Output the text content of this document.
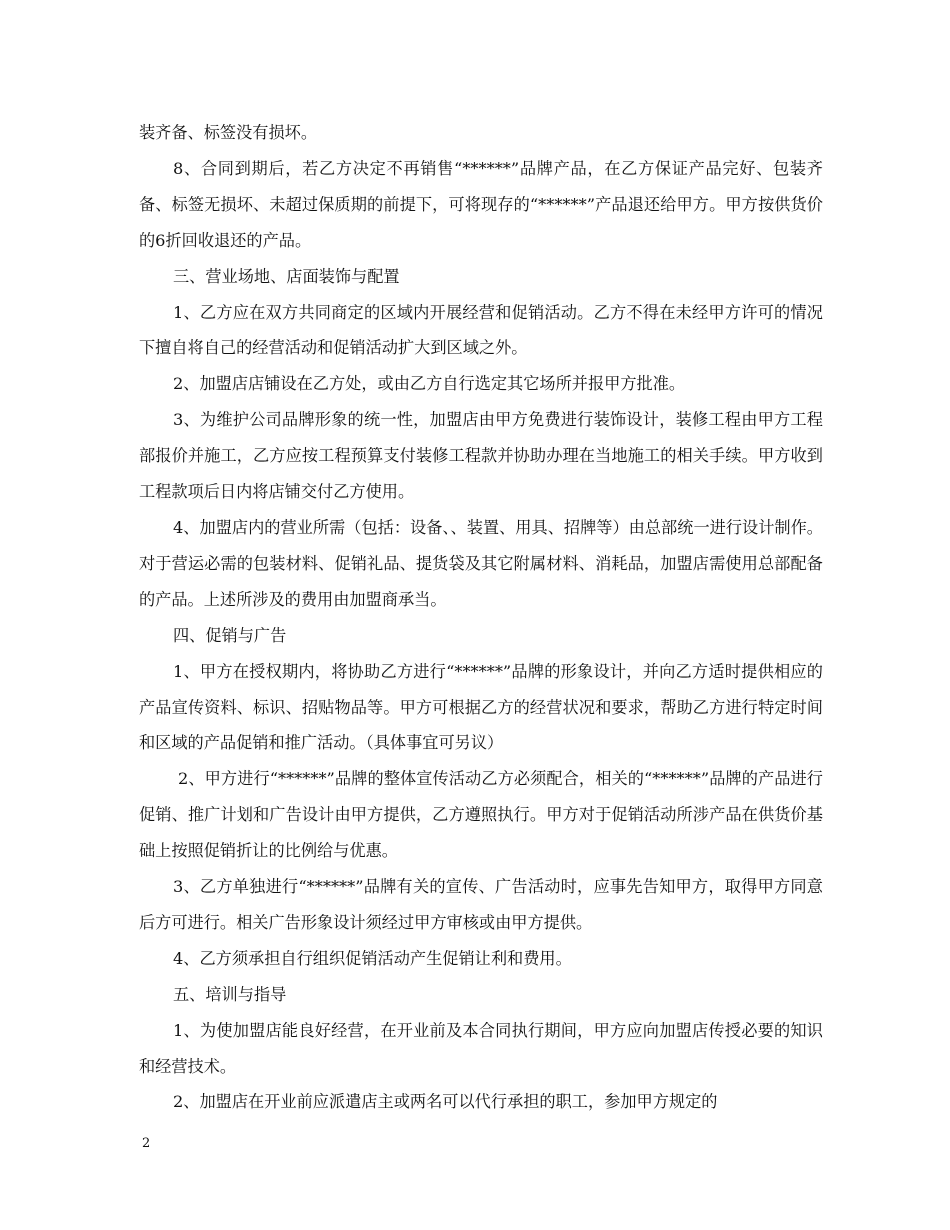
装齐备、标签没有损坏。

8、合同到期后，若乙方决定不再销售“******”品牌产品，在乙方保证产品完好、包装齐备、标签无损坏、未超过保质期的前提下，可将现存的“******”产品退还给甲方。甲方按供货价的6折回收退还的产品。

三、营业场地、店面装饰与配置

1、乙方应在双方共同商定的区域内开展经营和促销活动。乙方不得在未经甲方许可的情况下擅自将自己的经营活动和促销活动扩大到区域之外。

2、加盟店店铺设在乙方处，或由乙方自行选定其它场所并报甲方批准。

3、为维护公司品牌形象的统一性，加盟店由甲方免费进行装饰设计，装修工程由甲方工程部报价并施工，乙方应按工程预算支付装修工程款并协助办理在当地施工的相关手续。甲方收到工程款项后日内将店铺交付乙方使用。

4、加盟店内的营业所需（包括：设备、、装置、用具、招牌等）由总部统一进行设计制作。对于营运必需的包装材料、促销礼品、提货袋及其它附属材料、消耗品，加盟店需使用总部配备的产品。上述所涉及的费用由加盟商承当。

四、促销与广告

1、甲方在授权期内，将协助乙方进行“******”品牌的形象设计，并向乙方适时提供相应的产品宣传资料、标识、招贴物品等。甲方可根据乙方的经营状况和要求，帮助乙方进行特定时间和区域的产品促销和推广活动。（具体事宜可另议）

2、甲方进行“******”品牌的整体宣传活动乙方必须配合，相关的“******”品牌的产品进行促销、推广计划和广告设计由甲方提供，乙方遵照执行。甲方对于促销活动所涉产品在供货价基础上按照促销折让的比例给与优惠。

3、乙方单独进行“******”品牌有关的宣传、广告活动时，应事先告知甲方，取得甲方同意后方可进行。相关广告形象设计须经过甲方审核或由甲方提供。

4、乙方须承担自行组织促销活动产生促销让利和费用。

五、培训与指导

1、为使加盟店能良好经营，在开业前及本合同执行期间，甲方应向加盟店传授必要的知识和经营技术。

2、加盟店在开业前应派遣店主或两名可以代行承担的职工，参加甲方规定的

2
